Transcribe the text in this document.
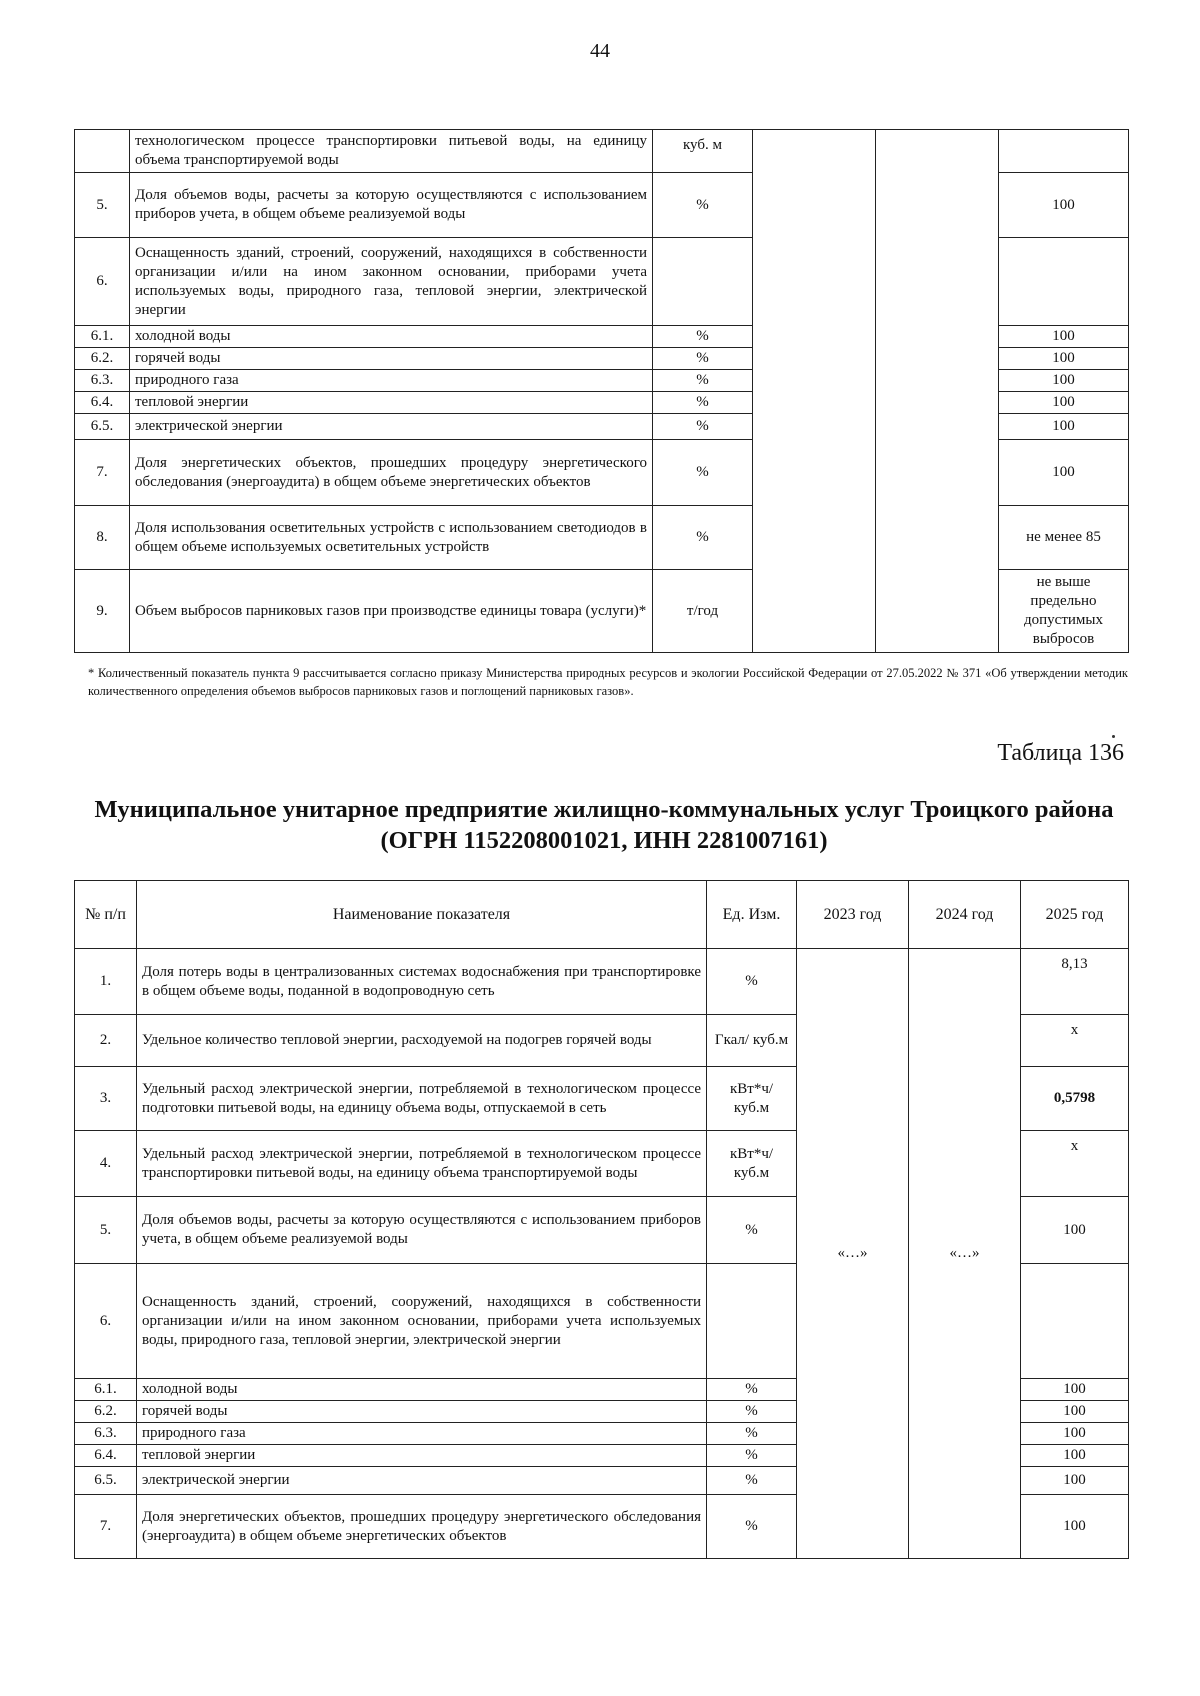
44
	технологическом процессе транспортировки питьевой воды, на единицу объема транспортируемой воды	куб. м			
5.	Доля объемов воды, расчеты за которую осуществляются с использованием приборов учета, в общем объеме реализуемой воды	%			100
6.	Оснащенность зданий, строений, сооружений, находящихся в собственности организации и/или на ином законном основании, приборами учета используемых воды, природного газа, тепловой энергии, электрической энергии				
6.1.	холодной воды	%			100
6.2.	горячей воды	%			100
6.3.	природного газа	%			100
6.4.	тепловой энергии	%			100
6.5.	электрической энергии	%			100
7.	Доля энергетических объектов, прошедших процедуру энергетического обследования (энергоаудита) в общем объеме энергетических объектов	%			100
8.	Доля использования осветительных устройств с использованием светодиодов в общем объеме используемых осветительных устройств	%			не менее 85
9.	Объем выбросов парниковых газов при производстве единицы товара (услуги)*	т/год			не выше предельно допустимых выбросов
* Количественный показатель пункта 9 рассчитывается согласно приказу Министерства природных ресурсов и экологии Российской Федерации от 27.05.2022 № 371 «Об утверждении методик количественного определения объемов выбросов парниковых газов и поглощений парниковых газов».
Таблица 136
Муниципальное унитарное предприятие жилищно-коммунальных услуг Троицкого района
(ОГРН 1152208001021, ИНН 2281007161)
№ п/п	Наименование показателя	Ед. Изм.	2023 год	2024 год	2025 год
1.	Доля потерь воды в централизованных системах водоснабжения при транспортировке в общем объеме воды, поданной в водопроводную сеть	%	«…»	«…»	8,13
2.	Удельное количество тепловой энергии, расходуемой на подогрев горячей воды	Гкал/ куб.м			х
3.	Удельный расход электрической энергии, потребляемой в технологическом процессе подготовки питьевой воды, на единицу объема воды, отпускаемой в сеть	кВт*ч/ куб.м			0,5798
4.	Удельный расход электрической энергии, потребляемой в технологическом процессе транспортировки питьевой воды, на единицу объема транспортируемой воды	кВт*ч/ куб.м			х
5.	Доля объемов воды, расчеты за которую осуществляются с использованием приборов учета, в общем объеме реализуемой воды	%			100
6.	Оснащенность зданий, строений, сооружений, находящихся в собственности организации и/или на ином законном основании, приборами учета используемых воды, природного газа, тепловой энергии, электрической энергии				
6.1.	холодной воды	%			100
6.2.	горячей воды	%			100
6.3.	природного газа	%			100
6.4.	тепловой энергии	%			100
6.5.	электрической энергии	%			100
7.	Доля энергетических объектов, прошедших процедуру энергетического обследования (энергоаудита) в общем объеме энергетических объектов	%			100
